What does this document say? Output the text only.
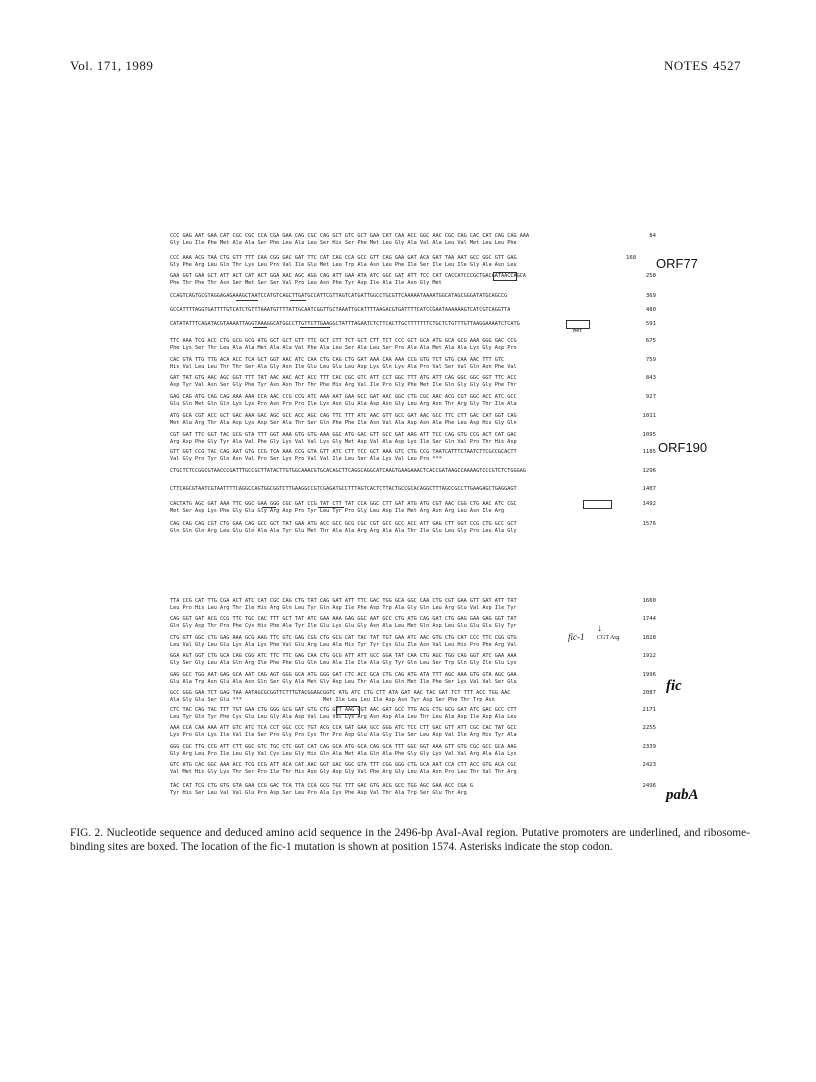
Vol. 171, 1989	NOTES 4527
CCC GAG AAT GAA CAT CGC CGC CCA CGA GAA CAG CGC CAG GCT GTC GCT GAA CAT CAA ACC GGC AAC CGC CAG CAC CAT CAG CAG AAA
Gly Leu Ile Phe Met Ala Ala Ser Phe Leu Ala Leu Ser His Ser Phe Met Leu Gly Ala Val Ala Leu Val Met Leu Leu Phe
84
CCC AAA ACG TAA CTG GTT TTT CAA CGG GAC GAT TTC CAT CAG CCA GCC GTT CAG GAA GAT ACA GAT TAA AAT GCC GGC GTT GAG
Gly Phe Arg Leu Gln Thr Lys Leu Pro Val Ile Glu Met Leu Trp Ala Asn Leu Phe Ile Ser Ile Leu Ile Gly Ala Asn Leu
168
GAA GGT GAA GCT ATT ACT CAT ACT GGA AAC AGC AGG CAG ATT GAA ATA ATC GGC GAT ATT TCC CAT CACCATCCCGCTGACAATAACCAGCA
Phe Thr Phe Thr Asn Ser Met Ser Ser Val Pro Leu Asn Phe Tyr Asp Ile Ala Ile Asn Gly Met
258
CCAGTCAGTGCGTAGGAGAGAAAGCTAATCCATGTCAGCTTGATGCCATTCGTTAGTCATGATTGGCCTGCGTTCAAAAATAAAATGGCATAGCGGGATATGCAGCCG	369
GCCATTTTAGGTGATTTTGTCATCTGTTTAAATGTTTTATTGCAATCGGTTGCTAAATTGCATTTTAAGACGTGATTTTCATCCGAATAAAAAAGTCATCGTCAGGTTA	480
CATATATTTCAGATACGTAAAATTAGGTAAAGGCATGGCCTTGTTCTTGAAGGCTATTTAGAATCTCTTCACTTGCTTTTTTTCTGCTCTGTTTGTTAAGGAAAATCTCATG
Met
591
TTC AAA TCG ACC CTG GCG GCG ATG GCT GCT GTT TTC GCT CTT TCT GCT CTT TCT CCC GCT GCA ATG GCA GCG AAA GGG GAC CCG
Phe Lys Ser Thr Leu Ala Ala Met Ala Ala Val Phe Ala Leu Ser Ala Leu Ser Pro Ala Ala Met Ala Ala Lys Gly Asp Pro
675
CAC GTA TTG TTG ACA ACC TCA GCT GGT AAC ATC CAA CTG CAG CTG GAT AAA CAA AAA CCG GTG TCT GTG CAA AAC TTT GTC
His Val Leu Leu Thr Thr Ser Ala Gly Asn Ile Glu Leu Glu Leu Asp Lys Gln Lys Ala Pro Val Ser Val Gln Asn Phe Val
759
GAT TAT GTG AAC AGC GGT TTT TAT AAC AAC ACT ACC TTT CAC CGC GTC ATT CCT GGC TTT ATG ATT CAG GGC GGC GGT TTC ACC
Asp Tyr Val Asn Ser Gly Phe Tyr Asn Asn Thr Thr Phe His Arg Val Ile Pro Gly Phe Met Ile Gln Gly Gly Gly Phe Thr
843
GAG CAG ATG CAG CAG AAA AAA CCA AAC CCG CCG ATC AAA AAT GAA GCC GAT AAC GGC CTG CGC AAC ACG CGT GGC ACC ATC GCC
Glu Gln Met Gln Gln Lys Lys Pro Asn Pro Pro Ile Lys Asn Glu Ala Asp Asn Gly Leu Arg Asn Thr Arg Gly Thr Ile Ala
927
ATG GCA CGT ACC GCT GAC AAA GAC AGC GCC ACC AGC CAG TTC TTT ATC AAC GTT GCC GAT AAC GCC TTC CTT GAC CAT GGT CAG
Met Ala Arg Thr Ala Asp Lys Asp Ser Ala Thr Ser Gln Phe Phe Ile Asn Val Ala Asp Asn Ala Phe Leu Asp His Gly Gln
1011
CGT GAT TTC GGT TAC GCG GTA TTT GGT AAA GTG GTG AAA GGC ATG GAC GTT GCC GAT AAG ATT TCC CAG GTG CCG ACT CAT GAC
Arg Asp Phe Gly Tyr Ala Val Phe Gly Lys Val Val Lys Gly Met Asp Val Ala Asp Lys Ile Ser Gln Val Pro Thr His Asp
1095
GTT GGT CCG TAC CAG AAT GTG CCG TCA AAA CCG GTA GTT ATC CTT TCC GCT AAA GTC CTG CCG TAATCATTTCTAATCTTCGCCGCACTT
Val Gly Pro Tyr Gln Asn Val Pro Ser Lys Pro Val Val Ile Leu Ser Ala Lys Val Leu Pro ***
1185
CTGCTCTCCGGCGTAACCCGATTTGCCGCTTATACTTGTGGCAAACGTGCACAGCTTCAGGCAGGCATCAAGTGAAGAAACTCACCGATAAGCCAAAAGTCCCGTCTCTGGGAG	1296
CTTCAGCGTAATCGTAATTTTCAGGCCAGTGGCGGTCTTGAAGGCCGTCGAGATGCCTTTAGTCACTCTTACTGCCGCACAGGCTTTAGCCGCCTTGAAGAGCTGAGGAGT	1407
CACTATG AGC GAT AAA TTC GGC GAA GGG CGC GAT CCG TAT CTT TAT CCA GGC CTT GAT ATG ATG CGT AAC CGG CTG AAC ATC CGC
Met Ser Asp Lys Phe Gly Glu Gly Arg Asp Pro Tyr Leu Tyr Pro Gly Leu Asp Ile Met Arg Asn Arg Leu Asn Ile Arg
1492
CAG CAG CAG CGT CTG GAA CAG GCC GCT TAT GAA ATG ACC GCC GCG CGC CGT GCC GCC ACC ATT GAG CTT GGT CCG CTG GCC GCT
Gln Gln Gln Arg Leu Glu Gln Ala Ala Tyr Glu Met Thr Ala Ala Arg Arg Ala Ala Thr Ile Glu Leu Gly Pro Leu Ala Gly
1576
TTA CCG CAT TTG CGA ACT ATC CAT CGC CAG CTG TAT CAG GAT ATT TTC GAC TGG GCA GGC CAA CTG CGT GAA GTT GAT ATT TAT
Leu Pro His Leu Arg Thr Ile His Arg Gln Leu Tyr Gln Asp Ile Phe Asp Trp Ala Gly Gln Leu Arg Glu Val Asp Ile Tyr
1660
CAG GGT GAT ACG CCG TTC TGC CAC TTT GCT TAT ATC GAA AAA GAG GGC AAT GCC CTG ATG CAG GAT CTG GAG GAA GAG GGT TAT
Gln Gly Asp Thr Pro Phe Cys His Phe Ala Tyr Ile Glu Lys Glu Gly Asn Ala Leu Met Gln Asp Leu Glu Glu Glu Gly Tyr
1744
CTG GTT GGC CTG GAG AAA GCG AAG TTC GTC GAG CGG CTG GCG CAT TAC TAT TGT GAA ATC AAC GTG CTG CAT CCC TTC CGG GTG
Leu Val Gly Leu Glu Lys Ala Lys Phe Val Glu Arg Leu Ala His Tyr Tyr Cys Glu Ile Asn Val Leu His Pro Phe Arg Val
1828
GGA AGT GGT CTG GCA CAG CGG ATC TTC TTC GAG CAA CTG GCG ATT ATT GCC GGA TAT CAA CTG AGC TGG CAG GGT ATC GAA AAA
Gly Ser Gly Leu Ala Gln Arg Ile Phe Phe Glu Gln Leu Ala Ile Ile Ala Gly Tyr Gln Leu Ser Trp Gln Gly Ile Glu Lys
1912
GAG GCC TGG AAT GAG GCA AAT CAG AGT GGG GCA ATG GGG GAT CTC ACC GCA CTG CAG ATG ATA TTT AGC AAA GTG GTA AGC GAA
Glu Ala Trp Asn Glu Ala Asn Gln Ser Gly Ala Met Gly Asp Leu Thr Ala Leu Gln Met Ile Phe Ser Lys Val Val Ser Glu
1996
GCC GGG GAA TCT GAG TAA AATAGCGCGGTTCTTTGTACGGAGCGGTC ATG ATC CTG CTT ATA GAT AAC TAC GAT TCT TTT ACC TGG AAC
Ala Gly Glu Ser Glu ***                          Met Ile Leu Leu Ile Asp Asn Tyr Asp Ser Phe Thr Trp Asn
2087
CTC TAC CAG TAC TTT TGT GAA CTG GGG GCG GAT GTG CTG GTT AAG CGT AAC GAT GCC TTG ACG CTG GCG GAT ATC GAC GCC CTT
Leu Tyr Gln Tyr Phe Cys Glu Leu Gly Ala Asp Val Leu Val Lys Arg Asn Asp Ala Leu Thr Leu Ala Asp Ile Asp Ala Leu
2171
AAA CCA CAA AAA ATT GTC ATC TCA CCT GGC CCC TGT ACG CCA GAT GAA GCC GGG ATC TCC CTT GAC GTT ATT CGC CAC TAT GCC
Lys Pro Gln Lys Ile Val Ile Ser Pro Gly Pro Cys Thr Pro Asp Glu Ala Gly Ile Ser Leu Asp Val Ile Arg His Tyr Ala
2255
GGG CGC TTG CCG ATT CTT GGC GTC TGC CTC GGT CAT CAG GCA ATG GCA CAG GCA TTT GGC GGT AAA GTT GTG CGC GCC GCA AAG
Gly Arg Leu Pro Ile Leu Gly Val Cys Leu Gly His Gln Ala Met Ala Gln Ala Phe Gly Gly Lys Val Val Arg Ala Ala Lys
2339
GTC ATG CAC GGC AAA ACC TCG CCG ATT ACA CAT AAC GGT GAC GGC GTA TTT CGG GGG CTG GCA AAT CCA CTT ACC GTG ACA CGC
Val Met His Gly Lys Thr Ser Pro Ile Thr His Asn Gly Asp Gly Val Phe Arg Gly Leu Ala Asn Pro Leu Thr Val Thr Arg
2423
TAC CAT TCG CTG GTG GTA GAA CCG GAC TCA TTA CCA GCG TGC TTT GAC GTG ACG GCC TGG AGC GAA ACC CGA G
Tyr His Ser Leu Val Val Glu Pro Asp Ser Leu Pro Ala Cys Phe Asp Val Thr Ala Trp Ser Glu Thr Arg
2496
ORF77
ORF190
fic
pabA
fic-1
↓
CGT Arg
FIG. 2. Nucleotide sequence and deduced amino acid sequence in the 2496-bp AvaI-AvaI region. Putative promoters are underlined, and ribosome-binding sites are boxed. The location of the fic-1 mutation is shown at position 1574. Asterisks indicate the stop codon.
